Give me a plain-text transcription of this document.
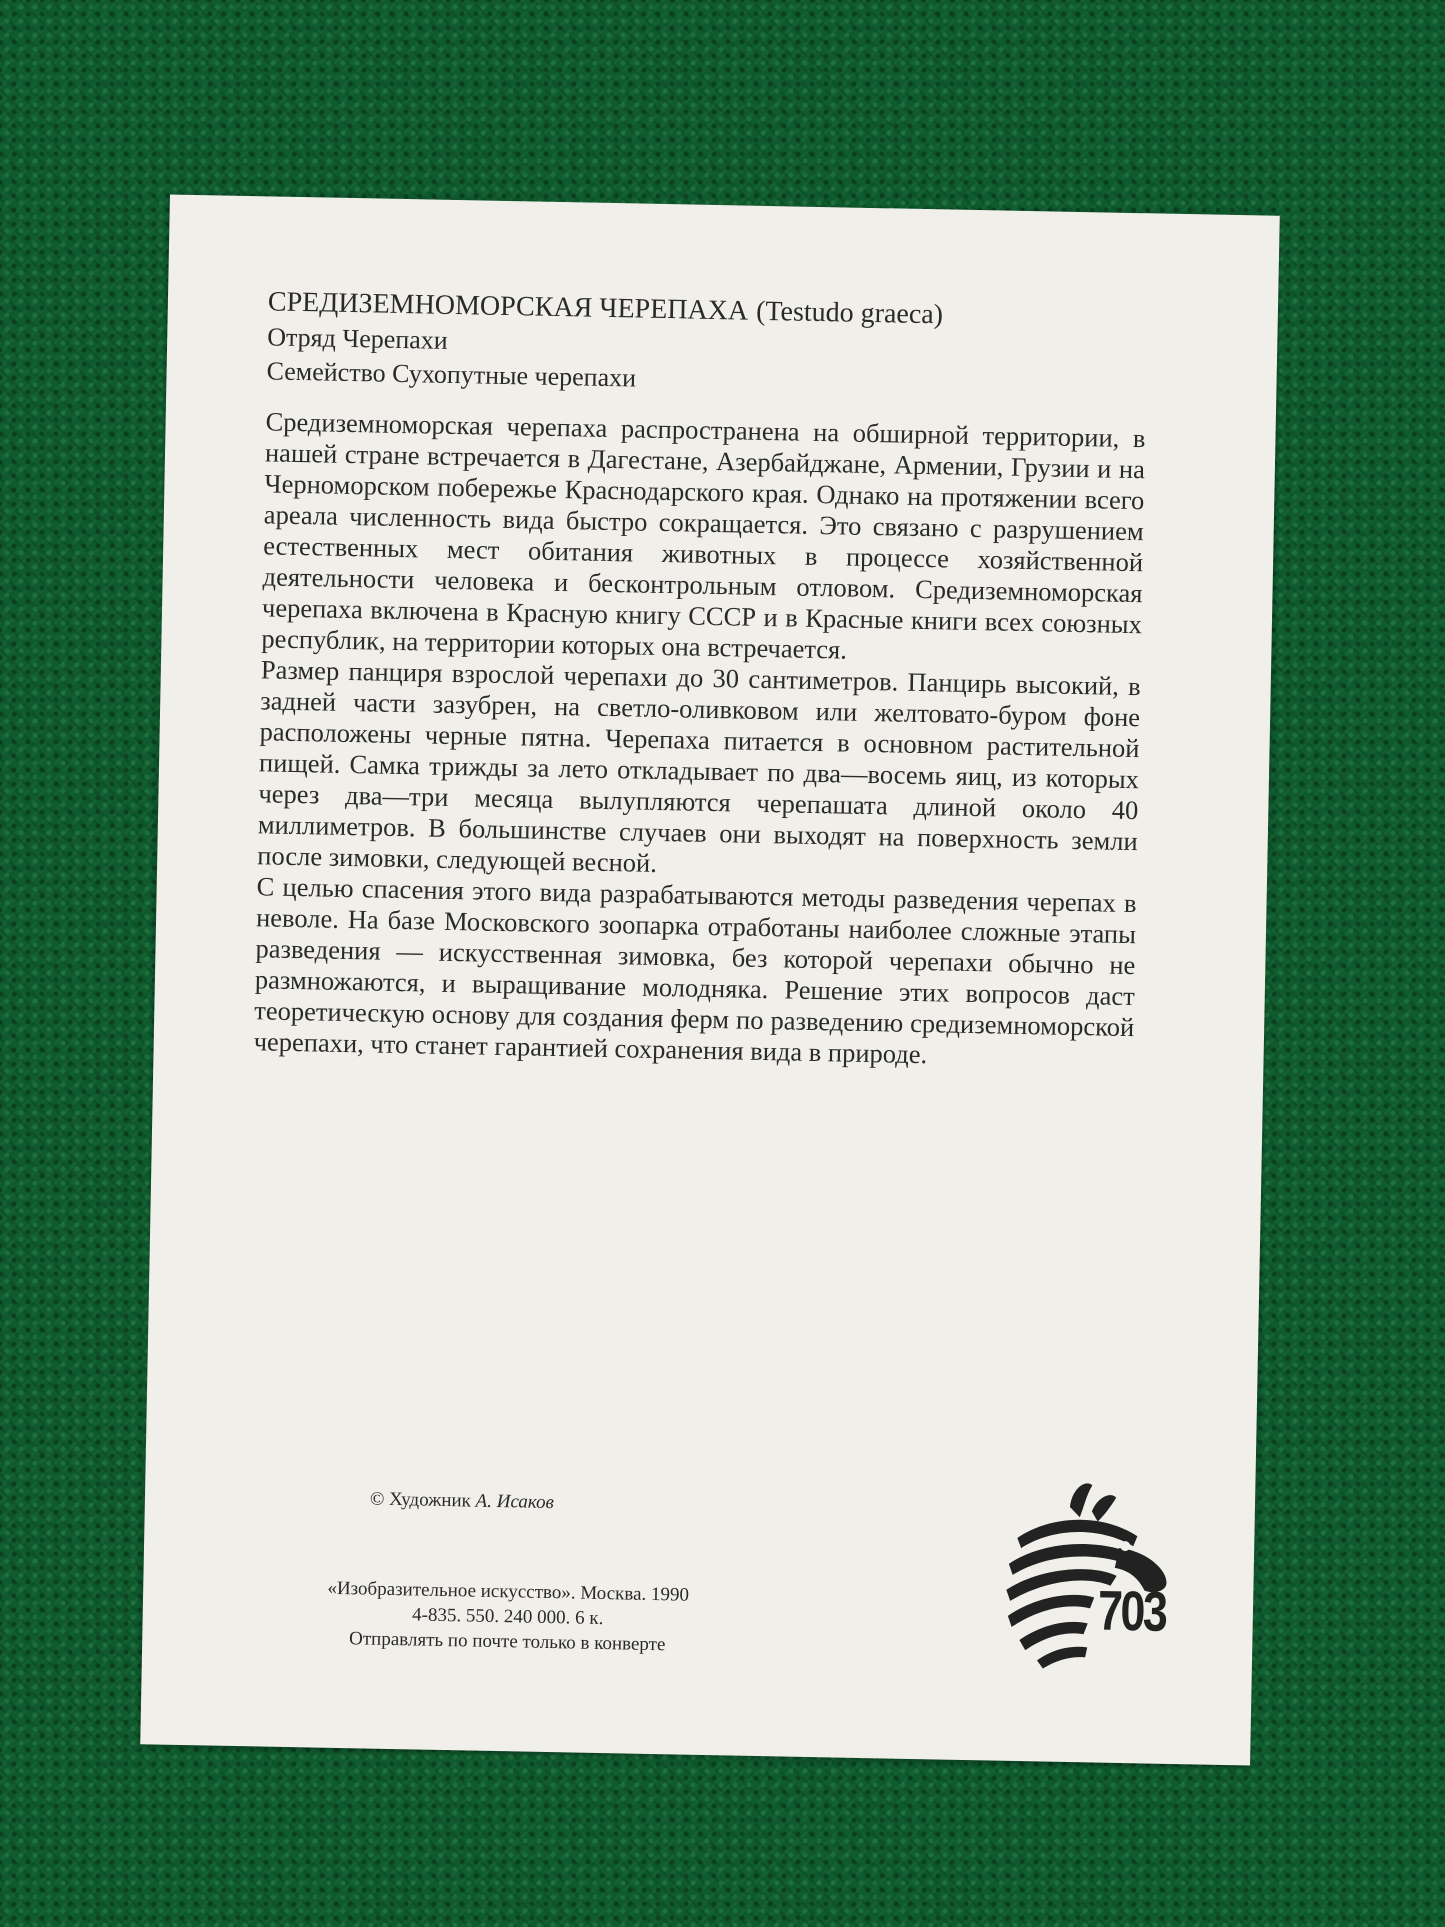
СРЕДИЗЕМНОМОРСКАЯ ЧЕРЕПАХА (Testudo graeca)
Отряд Черепахи
Семейство Сухопутные черепахи

Средиземноморская черепаха распространена на обширной территории, в нашей стране встречается в Дагестане, Азербайджане, Армении, Грузии и на Черноморском побережье Краснодарского края. Однако на протяжении всего ареала численность вида быстро сокращается. Это связано с разрушением естественных мест обитания животных в процессе хозяйственной деятельности человека и бесконтрольным отловом. Средиземноморская черепаха включена в Красную книгу СССР и в Красные книги всех союзных республик, на территории которых она встречается.

Размер панциря взрослой черепахи до 30 сантиметров. Панцирь высокий, в задней части зазубрен, на светло-оливковом или желтовато-буром фоне расположены черные пятна. Черепаха питается в основном растительной пищей. Самка трижды за лето откладывает по два—восемь яиц, из которых через два—три месяца вылупляются черепашата длиной около 40 миллиметров. В большинстве случаев они выходят на поверхность земли после зимовки, следующей весной.

С целью спасения этого вида разрабатываются методы разведения черепах в неволе. На базе Московского зоопарка отработаны наиболее сложные этапы разведения — искусственная зимовка, без которой черепахи обычно не размножаются, и выращивание молодняка. Решение этих вопросов даст теоретическую основу для создания ферм по разведению средиземноморской черепахи, что станет гарантией сохранения вида в природе.

© Художник А. Исаков
«Изобразительное искусство». Москва. 1990
4-835. 550. 240 000. 6 к.
Отправлять по почте только в конверте	703
